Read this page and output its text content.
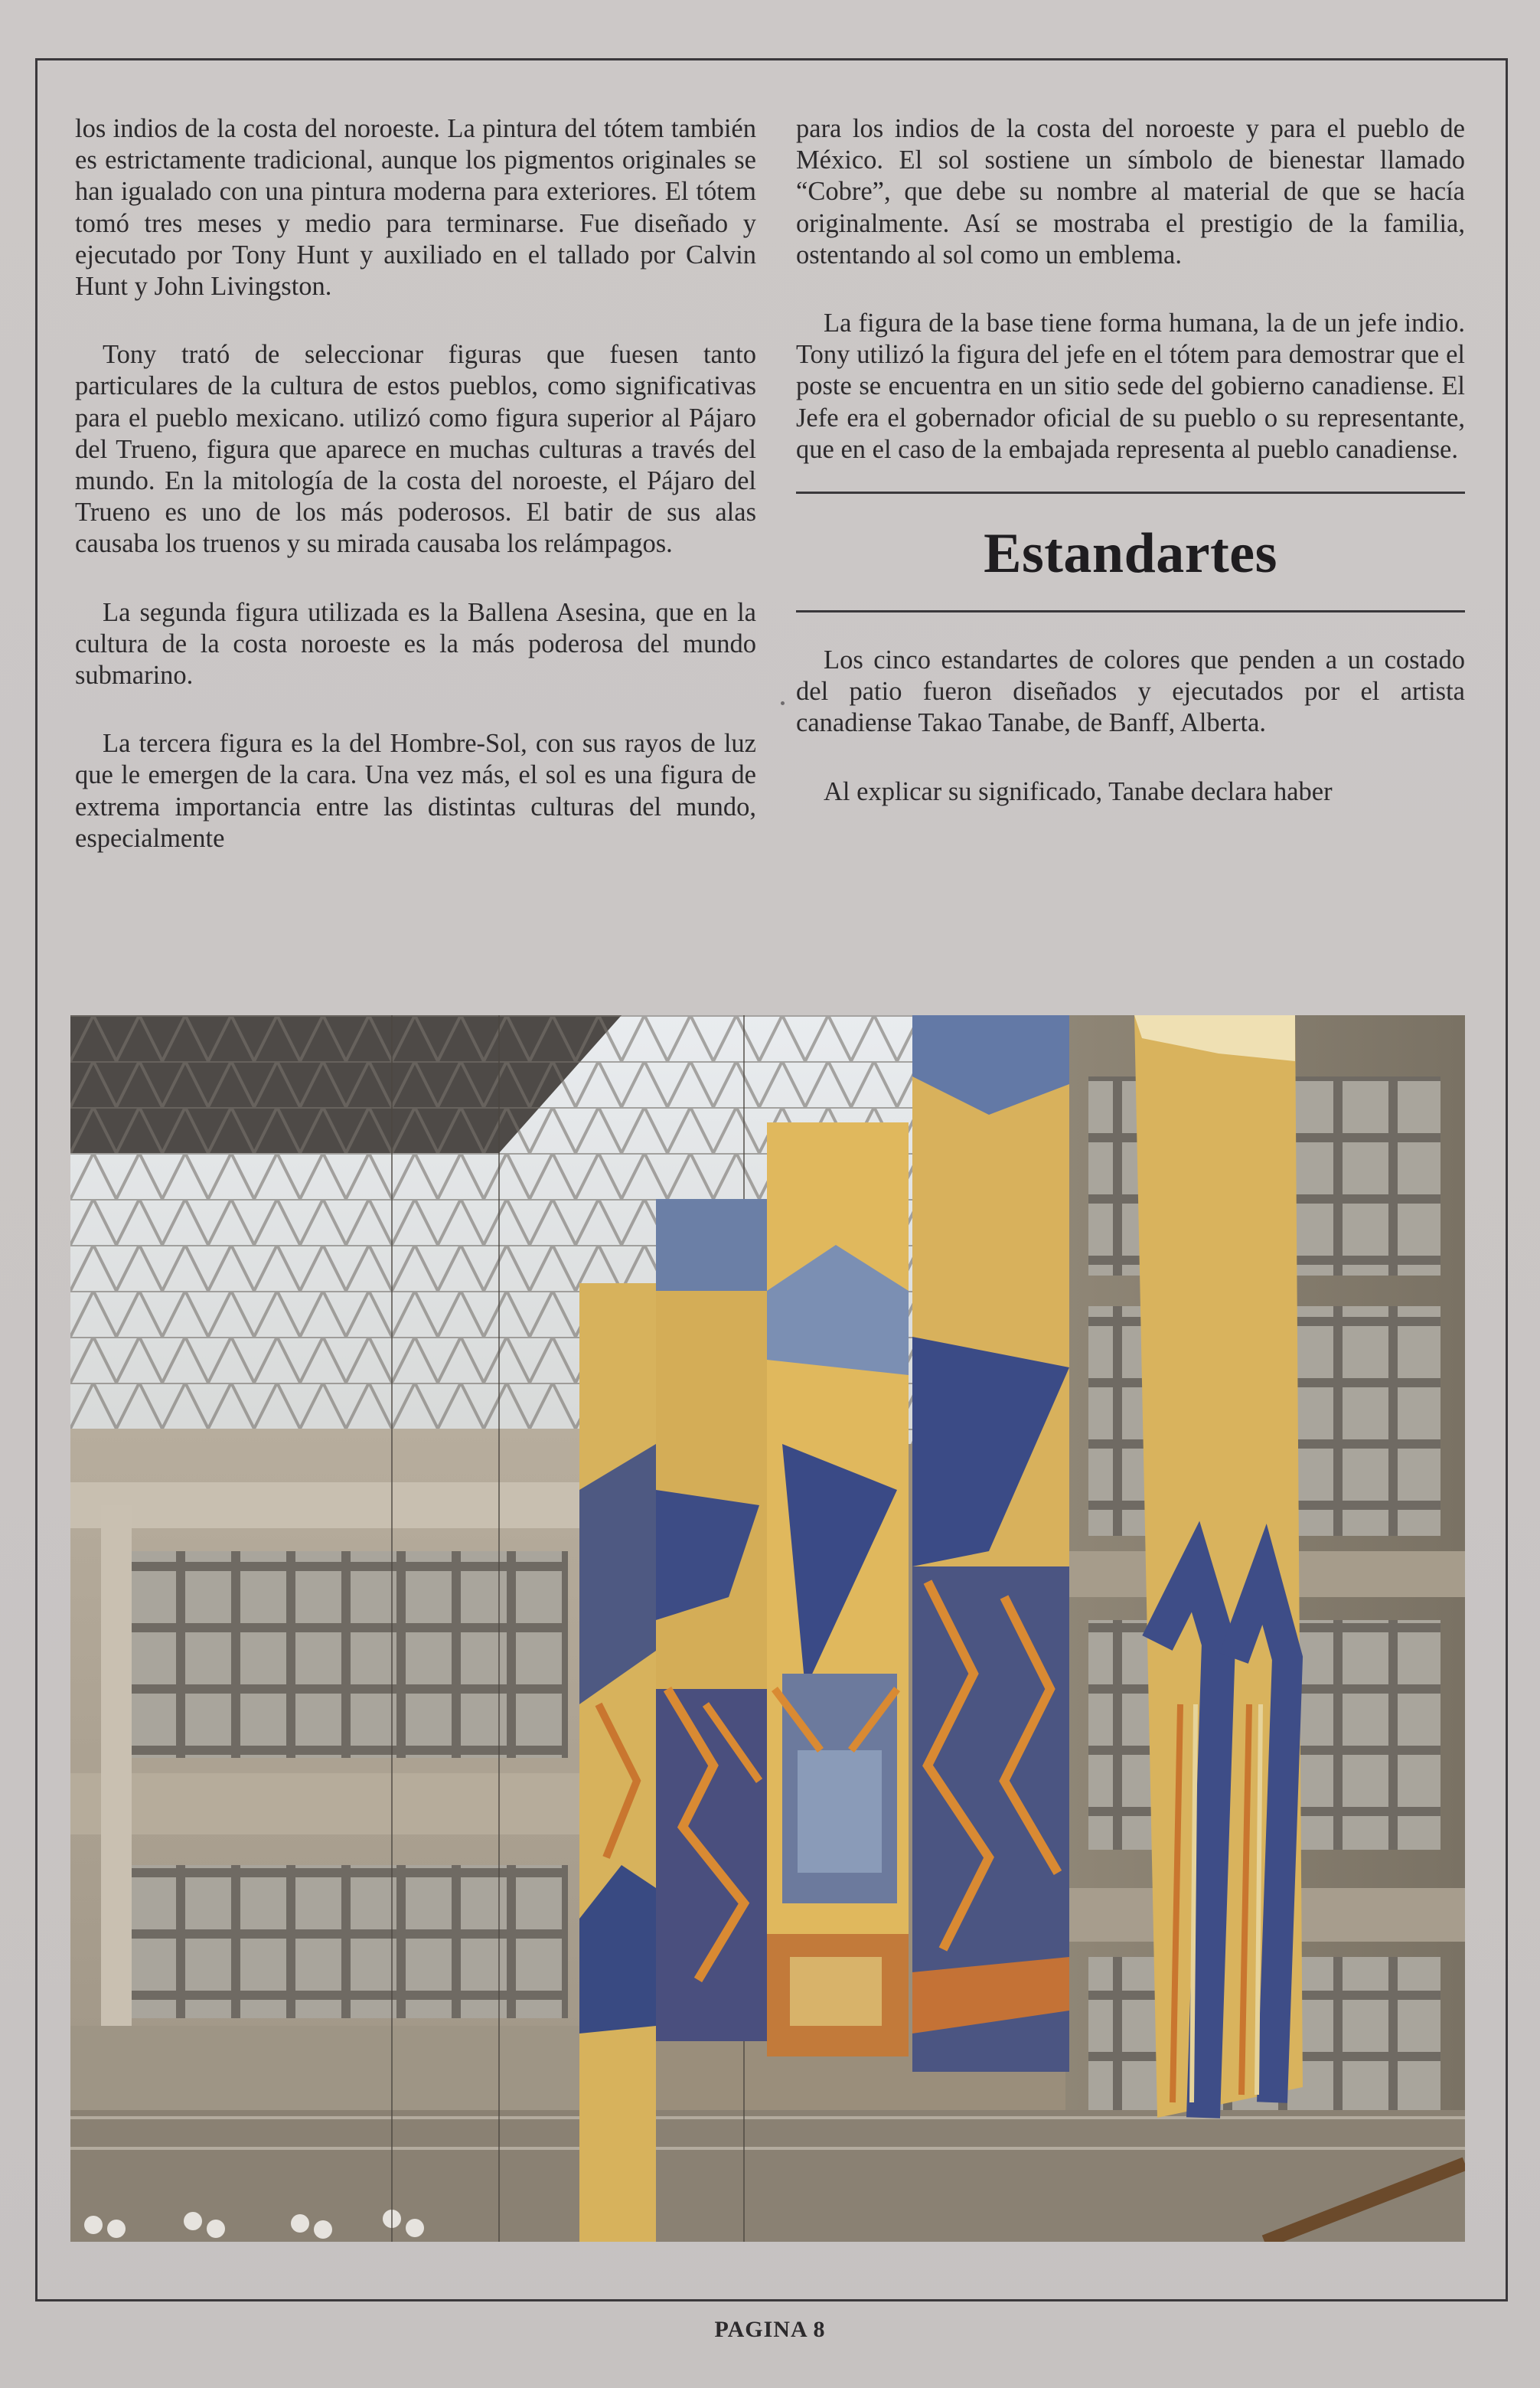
los indios de la costa del noroeste. La pintura del tótem también es estrictamente tradicional, aunque los pigmentos originales se han igualado con una pintura moderna para exteriores. El tótem tomó tres meses y medio para terminarse. Fue diseñado y ejecutado por Tony Hunt y auxiliado en el tallado por Calvin Hunt y John Livingston.

Tony trató de seleccionar figuras que fuesen tanto particulares de la cultura de estos pueblos, como significativas para el pueblo mexicano. utilizó como figura superior al Pájaro del Trueno, figura que aparece en muchas culturas a través del mundo. En la mitología de la costa del noroeste, el Pájaro del Trueno es uno de los más poderosos. El batir de sus alas causaba los truenos y su mirada causaba los relámpagos.

La segunda figura utilizada es la Ballena Asesina, que en la cultura de la costa noroeste es la más poderosa del mundo submarino.

La tercera figura es la del Hombre-Sol, con sus rayos de luz que le emergen de la cara. Una vez más, el sol es una figura de extrema importancia entre las distintas culturas del mundo, especialmente

para los indios de la costa del noroeste y para el pueblo de México. El sol sostiene un símbolo de bienestar llamado “Cobre”, que debe su nombre al material de que se hacía originalmente. Así se mostraba el prestigio de la familia, ostentando al sol como un emblema.

La figura de la base tiene forma humana, la de un jefe indio. Tony utilizó la figura del jefe en el tótem para demostrar que el poste se encuentra en un sitio sede del gobierno canadiense. El Jefe era el gobernador oficial de su pueblo o su representante, que en el caso de la embajada representa al pueblo canadiense.

Estandartes

Los cinco estandartes de colores que penden a un costado del patio fueron diseñados y ejecutados por el artista canadiense Takao Tanabe, de Banff, Alberta.

Al explicar su significado, Tanabe declara haber

PAGINA 8
